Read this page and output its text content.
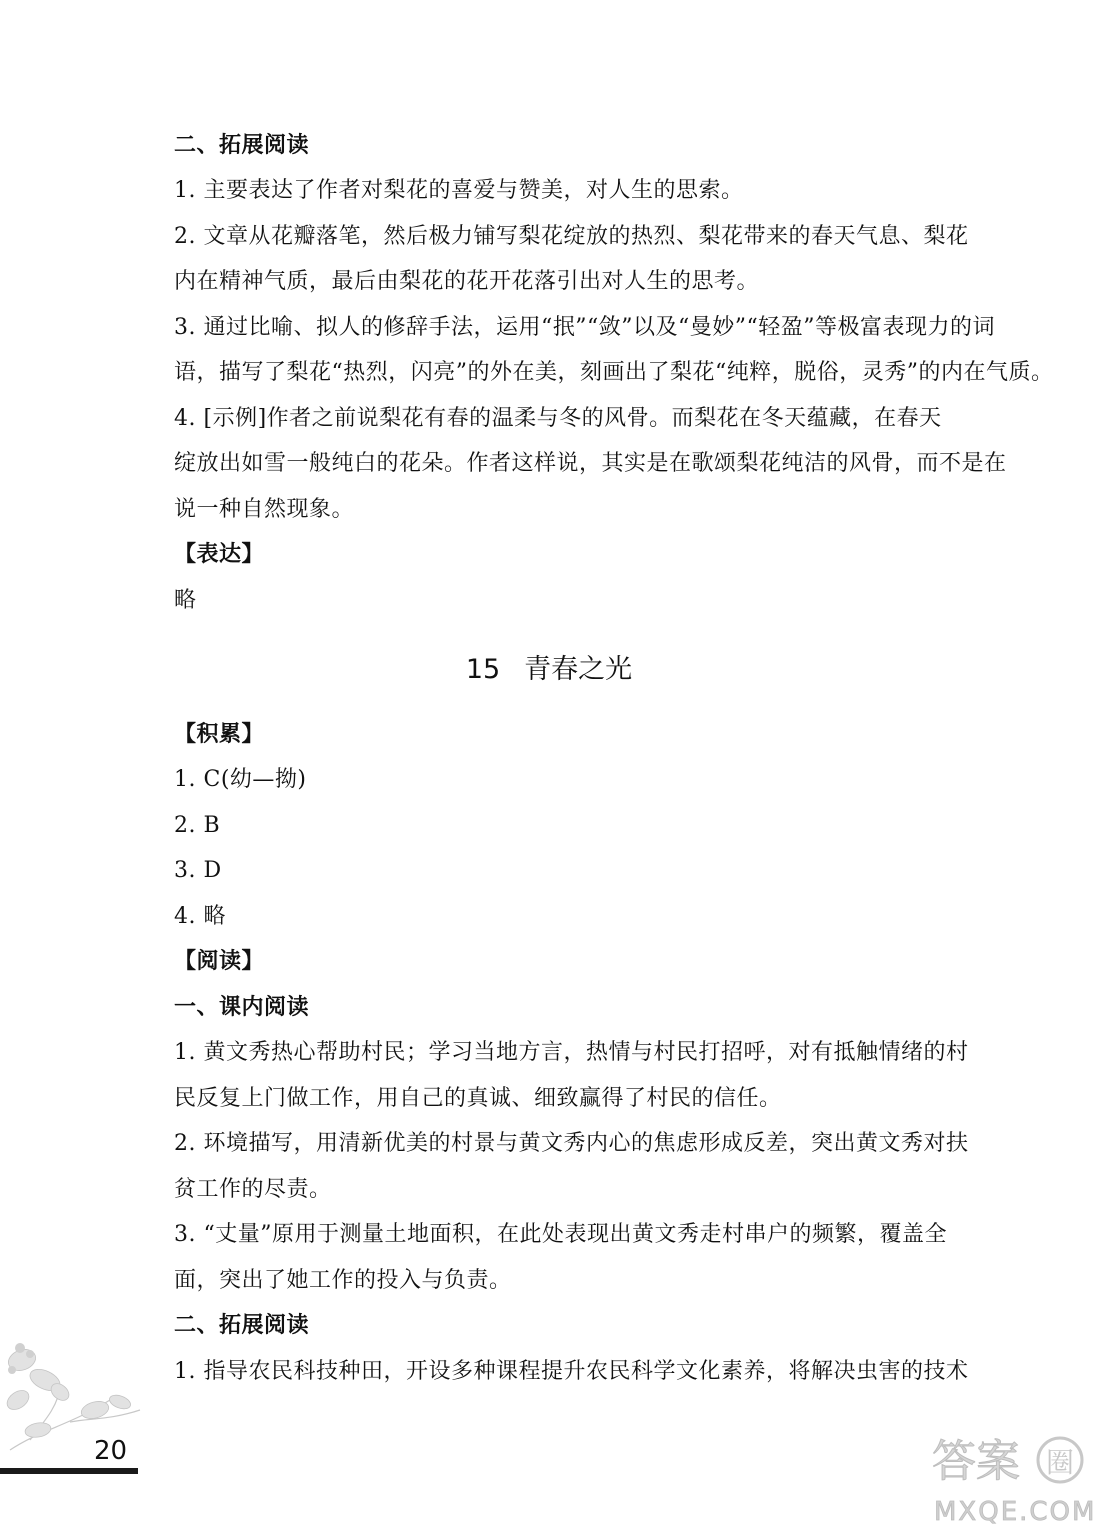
二、拓展阅读
1. 主要表达了作者对梨花的喜爱与赞美，对人生的思索。
2. 文章从花瓣落笔，然后极力铺写梨花绽放的热烈、梨花带来的春天气息、梨花
内在精神气质，最后由梨花的花开花落引出对人生的思考。
3. 通过比喻、拟人的修辞手法，运用“抿”“敛”以及“曼妙”“轻盈”等极富表现力的词
语，描写了梨花“热烈，闪亮”的外在美，刻画出了梨花“纯粹，脱俗，灵秀”的内在气质。
4. [示例]作者之前说梨花有春的温柔与冬的风骨。而梨花在冬天蕴藏，在春天
绽放出如雪一般纯白的花朵。作者这样说，其实是在歌颂梨花纯洁的风骨，而不是在
说一种自然现象。
【表达】
略
15 青春之光
【积累】
1. C(幼—拗)
2. B
3. D
4. 略
【阅读】
一、课内阅读
1. 黄文秀热心帮助村民；学习当地方言，热情与村民打招呼，对有抵触情绪的村
民反复上门做工作，用自己的真诚、细致赢得了村民的信任。
2. 环境描写，用清新优美的村景与黄文秀内心的焦虑形成反差，突出黄文秀对扶
贫工作的尽责。
3. “丈量”原用于测量土地面积，在此处表现出黄文秀走村串户的频繁，覆盖全
面，突出了她工作的投入与负责。
二、拓展阅读
1. 指导农民科技种田，开设多种课程提升农民科学文化素养，将解决虫害的技术
20	答案 圈
MXQE.COM
